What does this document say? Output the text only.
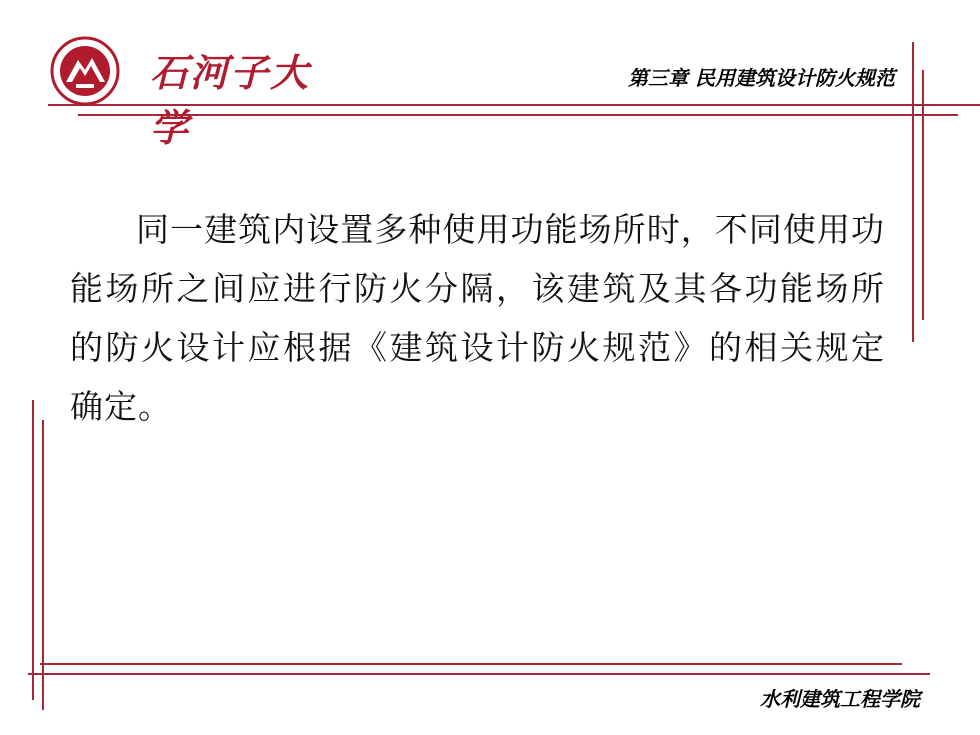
石河子大学
第三章 民用建筑设计防火规范
同一建筑内设置多种使用功能场所时，不同使用功能场所之间应进行防火分隔，该建筑及其各功能场所的防火设计应根据《建筑设计防火规范》的相关规定确定。
水利建筑工程学院
